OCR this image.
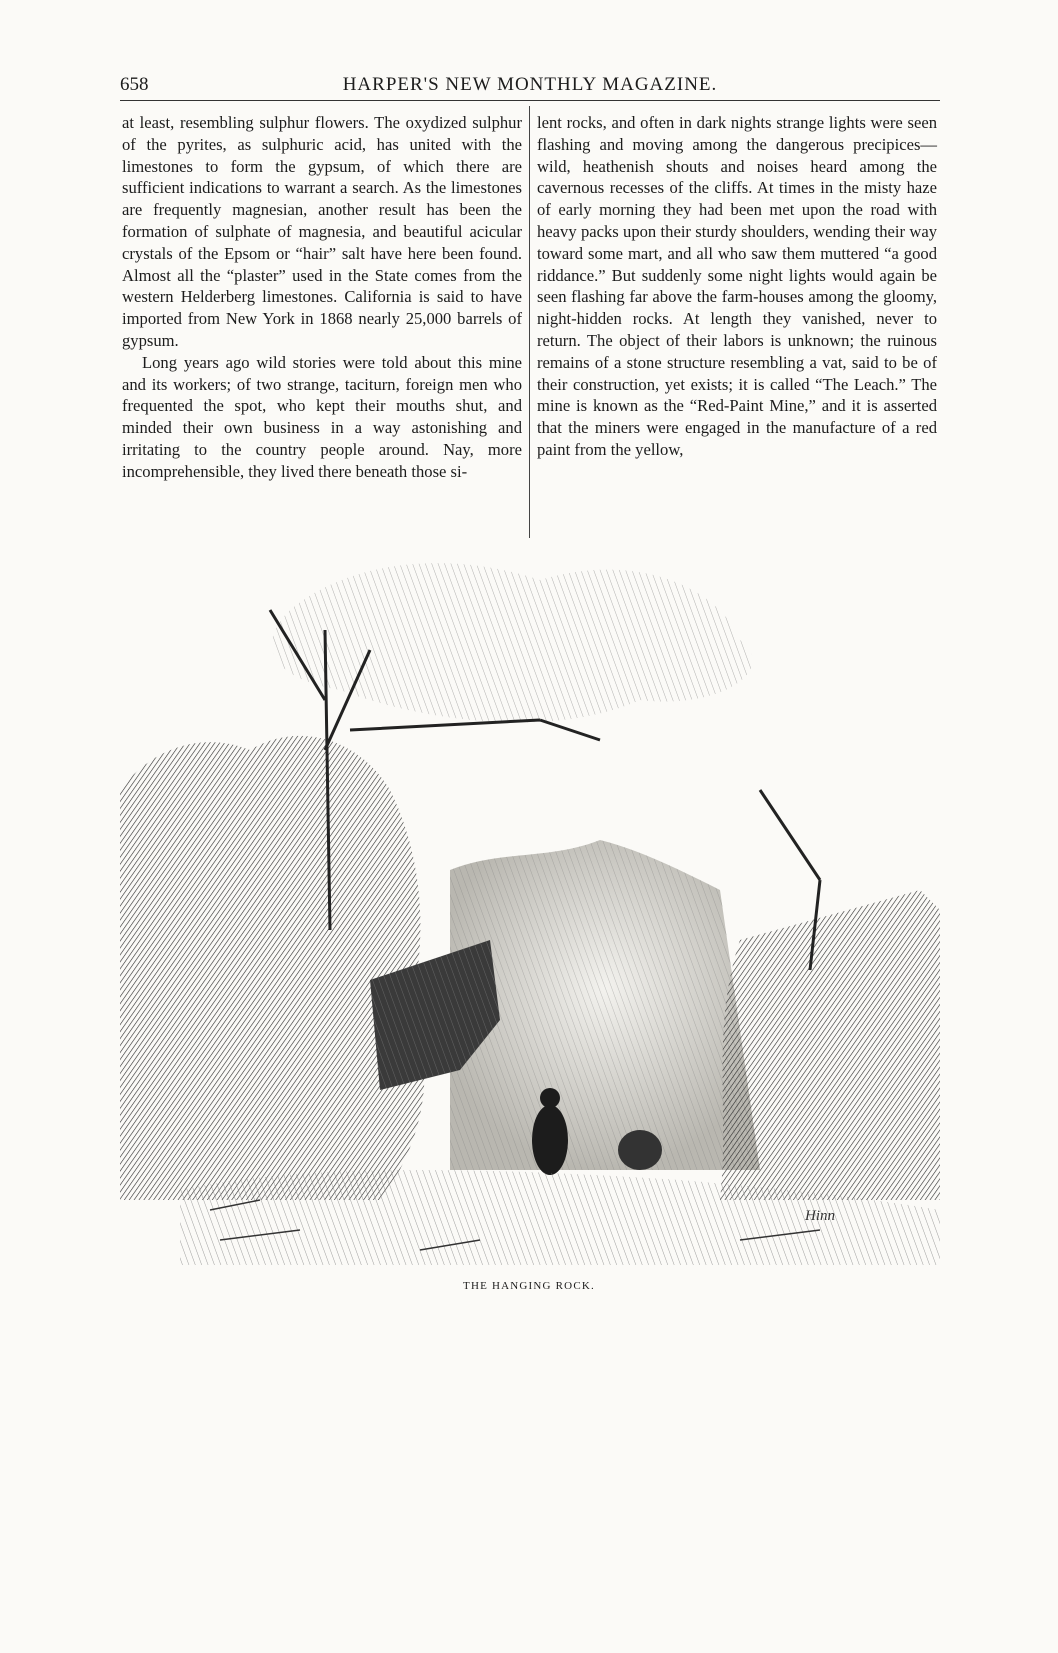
658	HARPER'S NEW MONTHLY MAGAZINE.

at least, resembling sulphur flowers. The oxydized sulphur of the pyrites, as sulphuric acid, has united with the limestones to form the gypsum, of which there are sufficient indications to warrant a search. As the limestones are frequently magnesian, another result has been the formation of sulphate of magnesia, and beautiful acicular crystals of the Epsom or “hair” salt have here been found. Almost all the “plaster” used in the State comes from the western Helderberg limestones. California is said to have imported from New York in 1868 nearly 25,000 barrels of gypsum.

Long years ago wild stories were told about this mine and its workers; of two strange, taciturn, foreign men who frequented the spot, who kept their mouths shut, and minded their own business in a way astonishing and irritating to the country people around. Nay, more incomprehensible, they lived there beneath those si-

lent rocks, and often in dark nights strange lights were seen flashing and moving among the dangerous precipices—wild, heathenish shouts and noises heard among the cavernous recesses of the cliffs. At times in the misty haze of early morning they had been met upon the road with heavy packs upon their sturdy shoulders, wending their way toward some mart, and all who saw them muttered “a good riddance.” But suddenly some night lights would again be seen flashing far above the farm-houses among the gloomy, night-hidden rocks. At length they vanished, never to return. The object of their labors is unknown; the ruinous remains of a stone structure resembling a vat, said to be of their construction, yet exists; it is called “The Leach.” The mine is known as the “Red-Paint Mine,” and it is asserted that the miners were engaged in the manufacture of a red paint from the yellow,

Hinn
THE HANGING ROCK.
